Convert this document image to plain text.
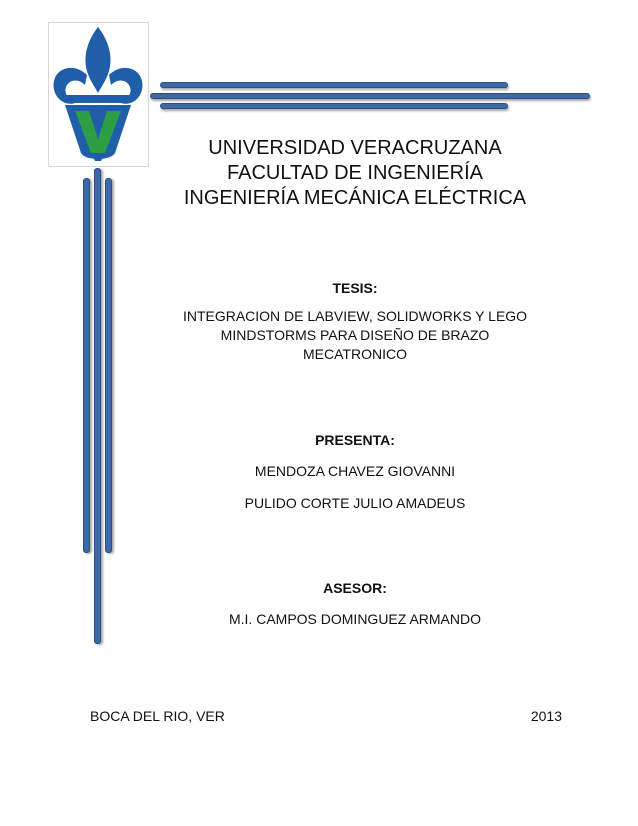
UNIVERSIDAD VERACRUZANA
FACULTAD DE INGENIERÍA
INGENIERÍA MECÁNICA ELÉCTRICA
TESIS:
INTEGRACION DE LABVIEW, SOLIDWORKS Y LEGO
MINDSTORMS PARA DISEÑO DE BRAZO
MECATRONICO
PRESENTA:
MENDOZA CHAVEZ GIOVANNI
PULIDO CORTE JULIO AMADEUS
ASESOR:
M.I. CAMPOS DOMINGUEZ ARMANDO
BOCA DEL RIO, VER	2013
